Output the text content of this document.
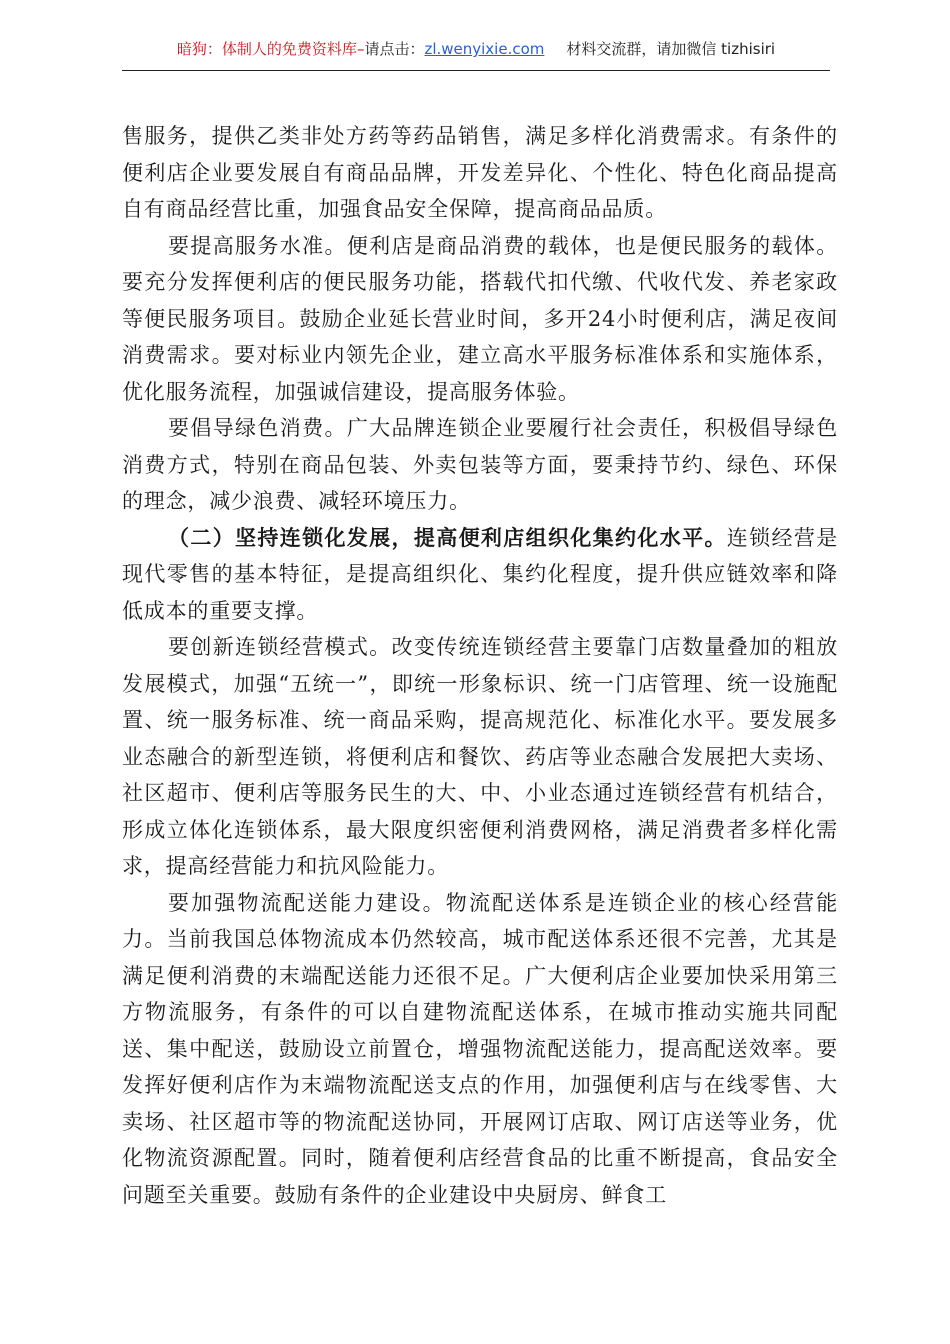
暗狗：体制人的免费资料库 – 请点击： zl.wenyixie.com 材料交流群，请加微信 tizhisiri

售服务，提供乙类非处方药等药品销售，满足多样化消费需求。有条件的便利店企业要发展自有商品品牌，开发差异化、个性化、特色化商品提高自有商品经营比重，加强食品安全保障，提高商品品质。

要提高服务水准。便利店是商品消费的载体，也是便民服务的载体。要充分发挥便利店的便民服务功能，搭载代扣代缴、代收代发、养老家政等便民服务项目。鼓励企业延长营业时间，多开24小时便利店，满足夜间消费需求。要对标业内领先企业，建立高水平服务标准体系和实施体系，优化服务流程，加强诚信建设，提高服务体验。

要倡导绿色消费。广大品牌连锁企业要履行社会责任，积极倡导绿色消费方式，特别在商品包装、外卖包装等方面，要秉持节约、绿色、环保的理念，减少浪费、减轻环境压力。

（二）坚持连锁化发展，提高便利店组织化集约化水平。连锁经营是现代零售的基本特征，是提高组织化、集约化程度，提升供应链效率和降低成本的重要支撑。

要创新连锁经营模式。改变传统连锁经营主要靠门店数量叠加的粗放发展模式，加强“五统一”，即统一形象标识、统一门店管理、统一设施配置、统一服务标准、统一商品采购，提高规范化、标准化水平。要发展多业态融合的新型连锁，将便利店和餐饮、药店等业态融合发展把大卖场、社区超市、便利店等服务民生的大、中、小业态通过连锁经营有机结合，形成立体化连锁体系，最大限度织密便利消费网格，满足消费者多样化需求，提高经营能力和抗风险能力。

要加强物流配送能力建设。物流配送体系是连锁企业的核心经营能力。当前我国总体物流成本仍然较高，城市配送体系还很不完善，尤其是满足便利消费的末端配送能力还很不足。广大便利店企业要加快采用第三方物流服务，有条件的可以自建物流配送体系，在城市推动实施共同配送、集中配送，鼓励设立前置仓，增强物流配送能力，提高配送效率。要发挥好便利店作为末端物流配送支点的作用，加强便利店与在线零售、大卖场、社区超市等的物流配送协同，开展网订店取、网订店送等业务，优化物流资源配置。同时，随着便利店经营食品的比重不断提高，食品安全问题至关重要。鼓励有条件的企业建设中央厨房、鲜食工
